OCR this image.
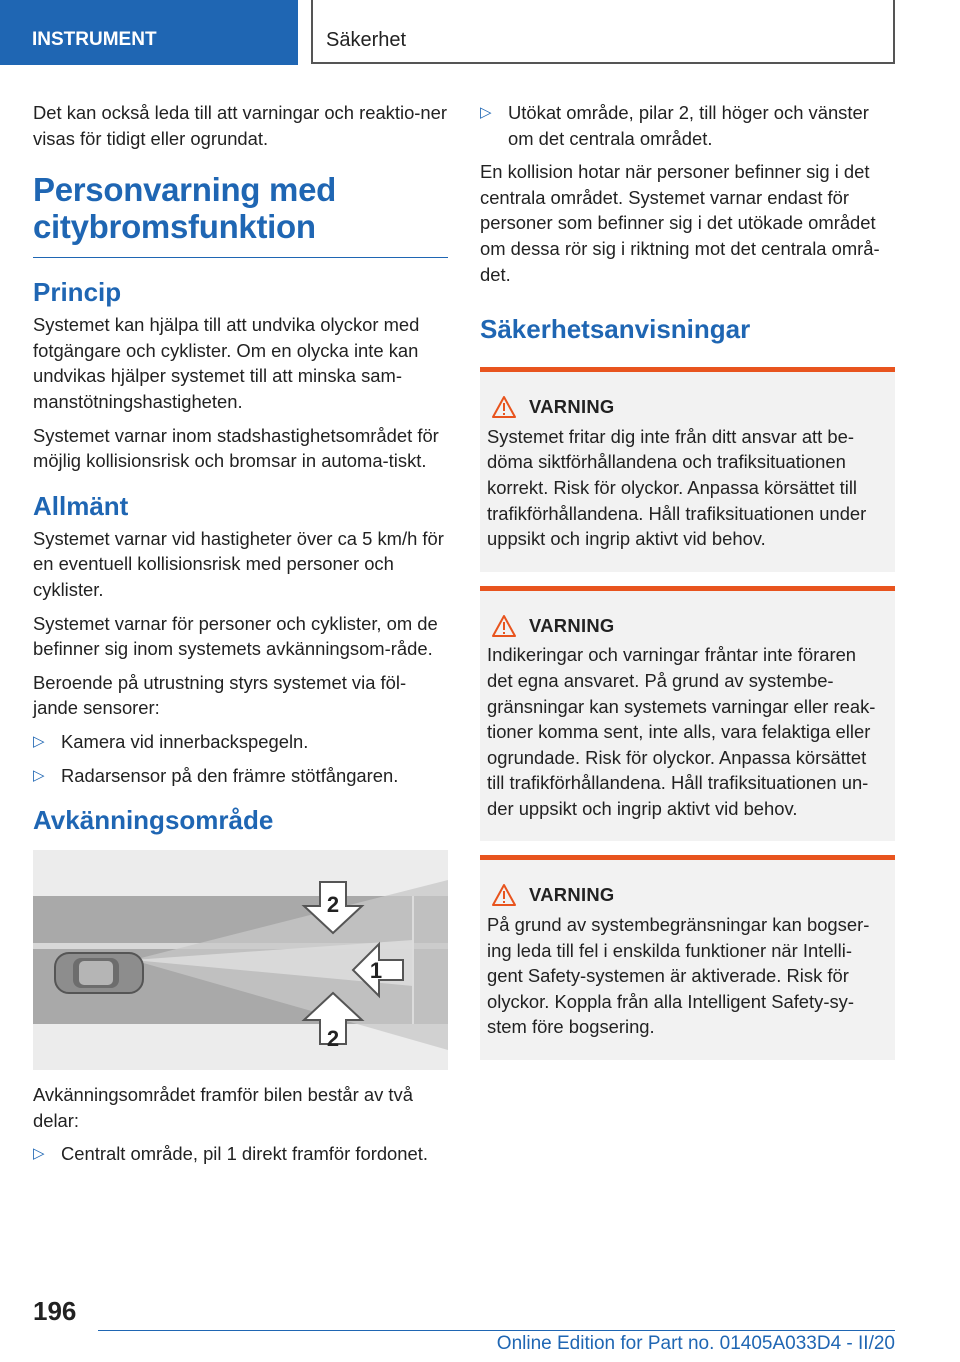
INSTRUMENT	Säkerhet

Det kan också leda till att varningar och reaktio-ner visas för tidigt eller ogrundat.

Personvarning med citybromsfunktion
Princip

Systemet kan hjälpa till att undvika olyckor med fotgängare och cyklister. Om en olycka inte kan undvikas hjälper systemet till att minska sam-manstötningshastigheten.

Systemet varnar inom stadshastighetsområdet för möjlig kollisionsrisk och bromsar in automa-tiskt.

Allmänt

Systemet varnar vid hastigheter över ca 5 km/h för en eventuell kollisionsrisk med personer och cyklister.

Systemet varnar för personer och cyklister, om de befinner sig inom systemets avkänningsom-råde.

Beroende på utrustning styrs systemet via föl-jande sensorer:

▷ Kamera vid innerbackspegeln.
▷ Radarsensor på den främre stötfångaren.
Avkänningsområde
2
1
2

Avkänningsområdet framför bilen består av två delar:

▷ Centralt område, pil 1 direkt framför fordonet.
▷ Utökat område, pilar 2, till höger och vänster om det centrala området.

En kollision hotar när personer befinner sig i det centrala området. Systemet varnar endast för personer som befinner sig i det utökade området om dessa rör sig i riktning mot det centrala områ-det.

Säkerhetsanvisningar
VARNING
Systemet fritar dig inte från ditt ansvar att be-döma siktförhållandena och trafiksituationen korrekt. Risk för olyckor. Anpassa körsättet till trafikförhållandena. Håll trafiksituationen under uppsikt och ingrip aktivt vid behov.
VARNING
Indikeringar och varningar fråntar inte föraren det egna ansvaret. På grund av systembe-gränsningar kan systemets varningar eller reak-tioner komma sent, inte alls, vara felaktiga eller ogrundade. Risk för olyckor. Anpassa körsättet till trafikförhållandena. Håll trafiksituationen un-der uppsikt och ingrip aktivt vid behov.
VARNING
På grund av systembegränsningar kan bogser-ing leda till fel i enskilda funktioner när Intelli-gent Safety-systemen är aktiverade. Risk för olyckor. Koppla från alla Intelligent Safety-sy-stem före bogsering.
196
Online Edition for Part no. 01405A033D4 - II/20
